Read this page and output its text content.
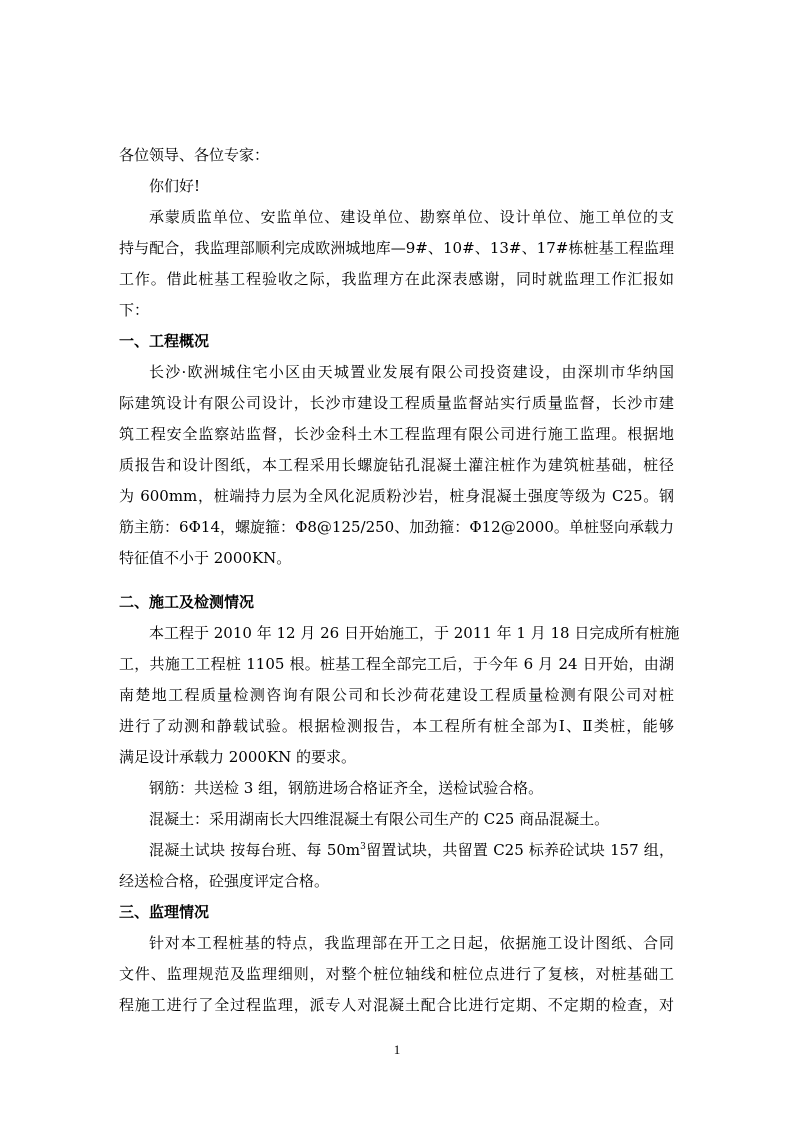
各位领导、各位专家：
你们好!
承蒙质监单位、安监单位、建设单位、勘察单位、设计单位、施工单位的支
持与配合，我监理部顺利完成欧洲城地库—9#、10#、13#、17#栋桩基工程监理
工作。借此桩基工程验收之际，我监理方在此深表感谢，同时就监理工作汇报如
下：
一、工程概况
长沙·欧洲城住宅小区由天城置业发展有限公司投资建设，由深圳市华纳国
际建筑设计有限公司设计，长沙市建设工程质量监督站实行质量监督，长沙市建
筑工程安全监察站监督，长沙金科土木工程监理有限公司进行施工监理。根据地
质报告和设计图纸，本工程采用长螺旋钻孔混凝土灌注桩作为建筑桩基础，桩径
为 600mm，桩端持力层为全风化泥质粉沙岩，桩身混凝土强度等级为 C25。钢
筋主筋：6Φ14，螺旋箍：Φ8@125/250、加劲箍：Φ12@2000。单桩竖向承载力
特征值不小于 2000KN。
二、施工及检测情况
本工程于 2010 年 12 月 26 日开始施工，于 2011 年 1 月 18 日完成所有桩施
工，共施工工程桩 1105 根。桩基工程全部完工后，于今年 6 月 24 日开始，由湖
南楚地工程质量检测咨询有限公司和长沙荷花建设工程质量检测有限公司对桩
进行了动测和静载试验。根据检测报告，本工程所有桩全部为Ⅰ、Ⅱ类桩，能够
满足设计承载力 2000KN 的要求。
钢筋：共送检 3 组，钢筋进场合格证齐全，送检试验合格。
混凝土：采用湖南长大四维混凝土有限公司生产的 C25 商品混凝土。
混凝土试块 按每台班、每 $50m^3$留置试块，共留置 C25 标养砼试块 157 组，
经送检合格，砼强度评定合格。
三、监理情况
针对本工程桩基的特点，我监理部在开工之日起，依据施工设计图纸、合同
文件、监理规范及监理细则，对整个桩位轴线和桩位点进行了复核，对桩基础工
程施工进行了全过程监理，派专人对混凝土配合比进行定期、不定期的检查，对
1
